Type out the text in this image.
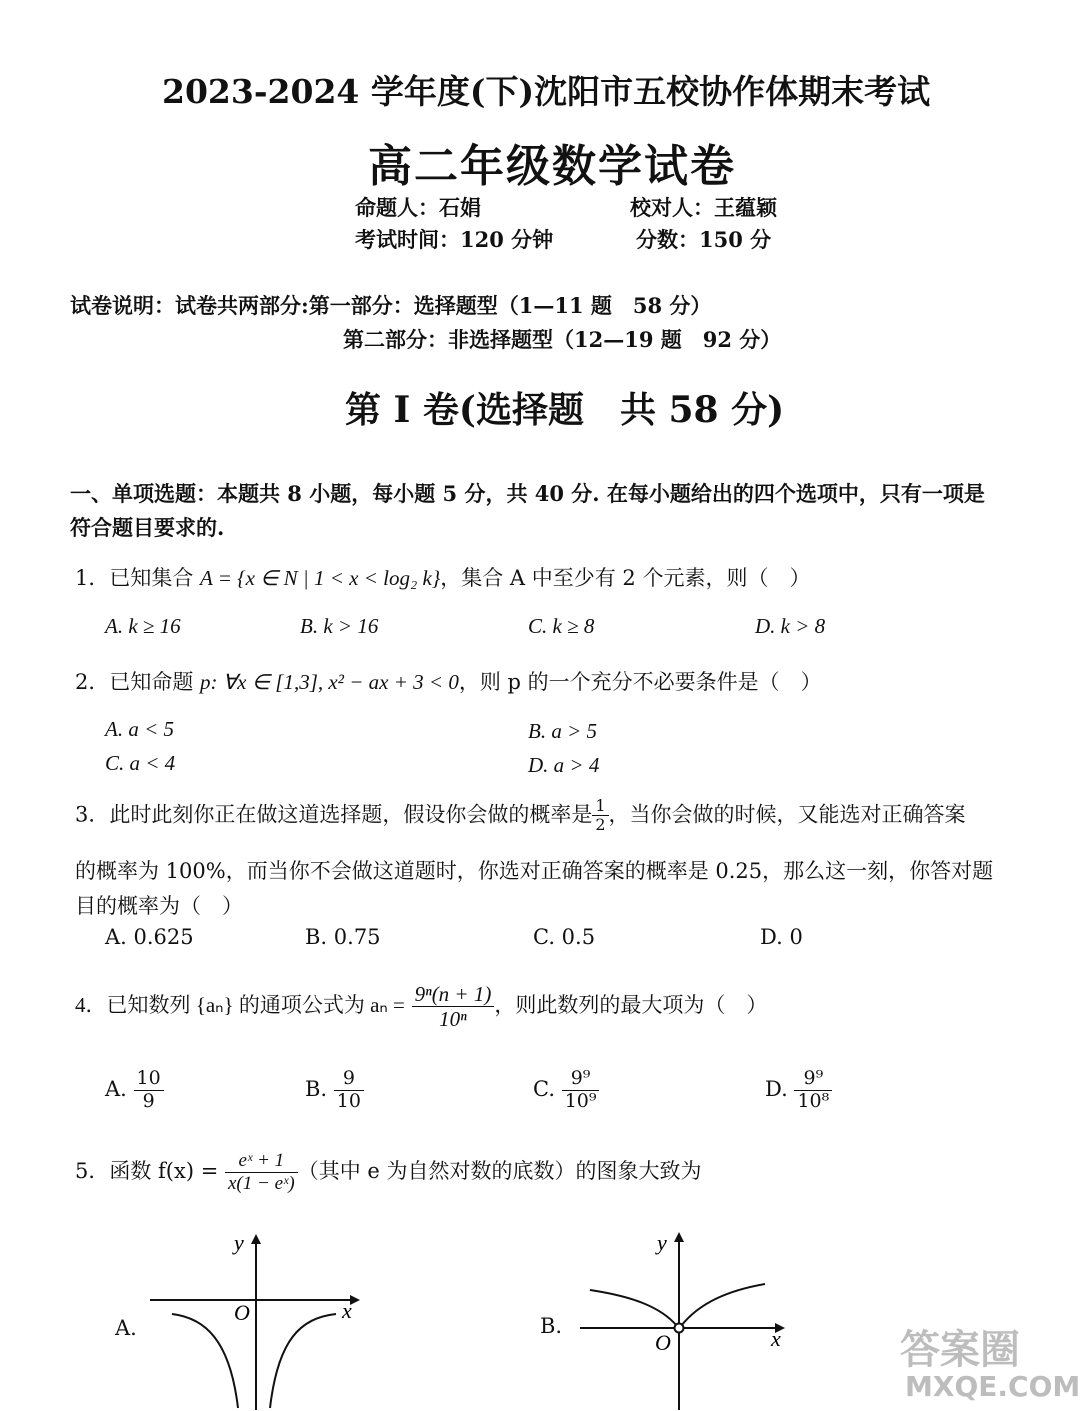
2023-2024 学年度(下)沈阳市五校协作体期末考试
高二年级数学试卷
命题人：石娟	校对人：王蕴颖
考试时间：120 分钟	分数：150 分
试卷说明：试卷共两部分:第一部分：选择题型（1—11 题　58 分）
第二部分：非选择题型（12—19 题　92 分）
第 I 卷(选择题　共 58 分)
一、单项选题：本题共 8 小题，每小题 5 分，共 40 分. 在每小题给出的四个选项中，只有一项是
符合题目要求的.
1．已知集合 A = {x ∈ N | 1 < x < log₂ k}，集合 A 中至少有 2 个元素，则（　）
A. k ≥ 16	B. k > 16	C. k ≥ 8	D. k > 8
2．已知命题 p: ∀x ∈ [1,3], x² − ax + 3 < 0，则 p 的一个充分不必要条件是（　）
A. a < 5	B. a > 5
C. a < 4	D. a > 4
3．此时此刻你正在做这道选择题，假设你会做的概率是 $\frac{1}{2}$ ，当你会做的时候，又能选对正确答案
的概率为 100%，而当你不会做这道题时，你选对正确答案的概率是 0.25，那么这一刻，你答对题
目的概率为（　）
A. 0.625	B. 0.75	C. 0.5	D. 0
4．已知数列 {aₙ} 的通项公式为 $a_n = \frac{\text{9ⁿ(n + 1)}}{\text{10ⁿ}}$ ，则此数列的最大项为（　）
A. $\frac{10}{9}$	B. $\frac{9}{10}$	C. $\frac{\text{9⁹}}{\text{10⁹}}$	D. $\frac{\text{9⁹}}{\text{10⁸}}$
5．函数 $f(x) = \frac{\text{eˣ + 1}}{\text{x(1 − eˣ)}}$ （其中 e 为自然对数的底数）的图象大致为
A.
y
x
O
B.
y
x
O	答案圈
MXQE.COM
